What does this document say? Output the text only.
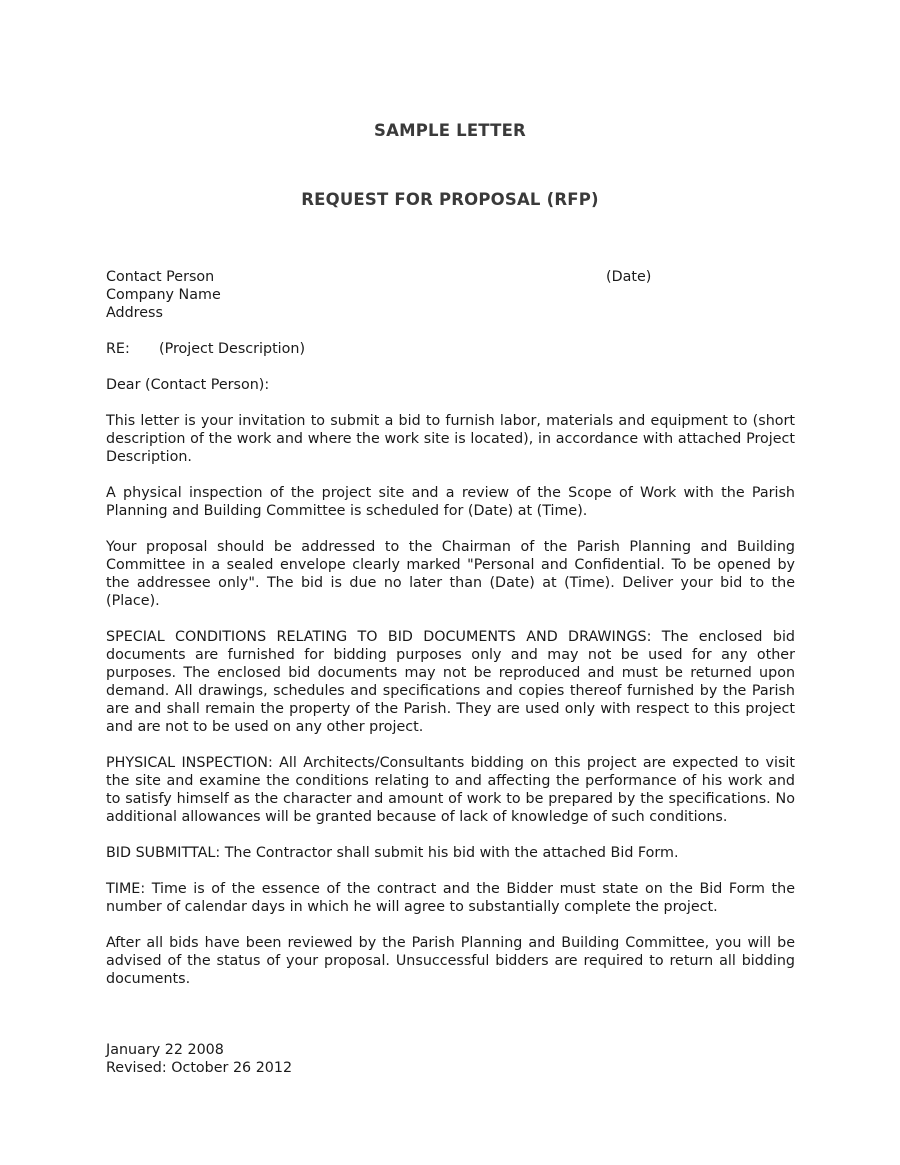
SAMPLE LETTER
REQUEST FOR PROPOSAL (RFP)
Contact Person
Company Name
Address
(Date)
RE: (Project Description)

Dear (Contact Person):

This letter is your invitation to submit a bid to furnish labor, materials and equipment to (short description of the work and where the work site is located), in accordance with attached Project Description.

A physical inspection of the project site and a review of the Scope of Work with the Parish Planning and Building Committee is scheduled for (Date) at (Time).

Your proposal should be addressed to the Chairman of the Parish Planning and Building Committee in a sealed envelope clearly marked "Personal and Confidential. To be opened by the addressee only". The bid is due no later than (Date) at (Time). Deliver your bid to the (Place).

SPECIAL CONDITIONS RELATING TO BID DOCUMENTS AND DRAWINGS: The enclosed bid documents are furnished for bidding purposes only and may not be used for any other purposes. The enclosed bid documents may not be reproduced and must be returned upon demand. All drawings, schedules and specifications and copies thereof furnished by the Parish are and shall remain the property of the Parish. They are used only with respect to this project and are not to be used on any other project.

PHYSICAL INSPECTION: All Architects/Consultants bidding on this project are expected to visit the site and examine the conditions relating to and affecting the performance of his work and to satisfy himself as the character and amount of work to be prepared by the specifications. No additional allowances will be granted because of lack of knowledge of such conditions.

BID SUBMITTAL: The Contractor shall submit his bid with the attached Bid Form.

TIME: Time is of the essence of the contract and the Bidder must state on the Bid Form the number of calendar days in which he will agree to substantially complete the project.

After all bids have been reviewed by the Parish Planning and Building Committee, you will be advised of the status of your proposal. Unsuccessful bidders are required to return all bidding documents.

January 22 2008
Revised: October 26 2012
